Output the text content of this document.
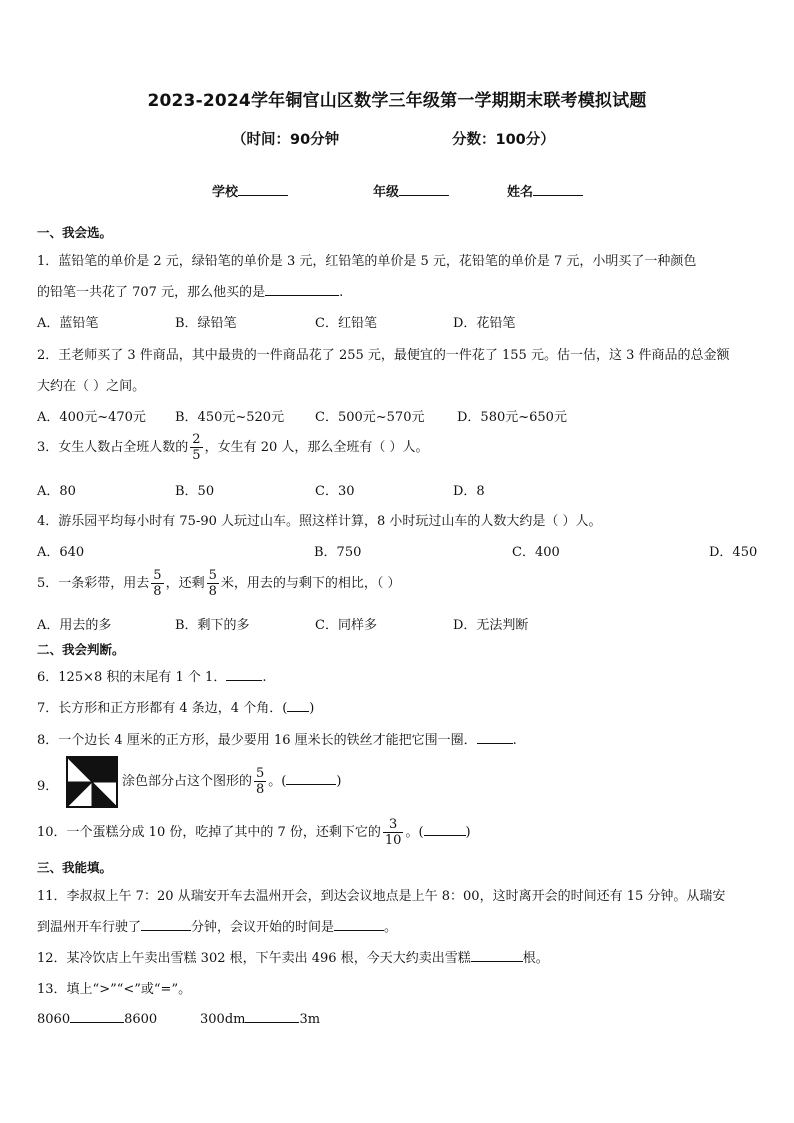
2023-2024学年铜官山区数学三年级第一学期期末联考模拟试题
（时间：90分钟	分数：100分）
学校	年级	姓名
一、我会选。
1．蓝铅笔的单价是 2 元，绿铅笔的单价是 3 元，红铅笔的单价是 5 元，花铅笔的单价是 7 元，小明买了一种颜色
的铅笔一共花了 707 元，那么他买的是	.
A．蓝铅笔	B．绿铅笔	C．红铅笔	D．花铅笔
2．王老师买了 3 件商品，其中最贵的一件商品花了 255 元，最便宜的一件花了 155 元。估一估，这 3 件商品的总金额
大约在（ ）之间。
A．400元~470元 B．450元~520元 C．500元~570元	D．580元~650元
3．女生人数占全班人数的 $\frac{2}{5}$ ，女生有 20 人，那么全班有（ ）人。
A．80	B．50	C．30	D．8
4．游乐园平均每小时有 75-90 人玩过山车。照这样计算，8 小时玩过山车的人数大约是（ ）人。
A．640	B．750	C．400	D．450
5．一条彩带，用去 $\frac{5}{8}$ ，还剩 $\frac{5}{8}$ 米，用去的与剩下的相比，（ ）
A．用去的多	B．剩下的多	C．同样多	D．无法判断
二、我会判断。
6．125×8 积的末尾有 1 个 1．	.
7．长方形和正方形都有 4 条边，4 个角．( )
8．一个边长 4 厘米的正方形，最少要用 16 厘米长的铁丝才能把它围一圈．	.
9．	涂色部分占这个图形的 $\frac{5}{8}$ 。(	)
10．一个蛋糕分成 10 份，吃掉了其中的 7 份，还剩下它的 $\frac{3}{10}$ 。(	)
三、我能填。
11．李叔叔上午 7：20 从瑞安开车去温州开会，到达会议地点是上午 8：00，这时离开会的时间还有 15 分钟。从瑞安
到温州开车行驶了	分钟，会议开始的时间是	。
12．某冷饮店上午卖出雪糕 302 根，下午卖出 496 根，今天大约卖出雪糕	根。
13．填上“>”“<”或“=”。
8060	8600	300dm	3m
